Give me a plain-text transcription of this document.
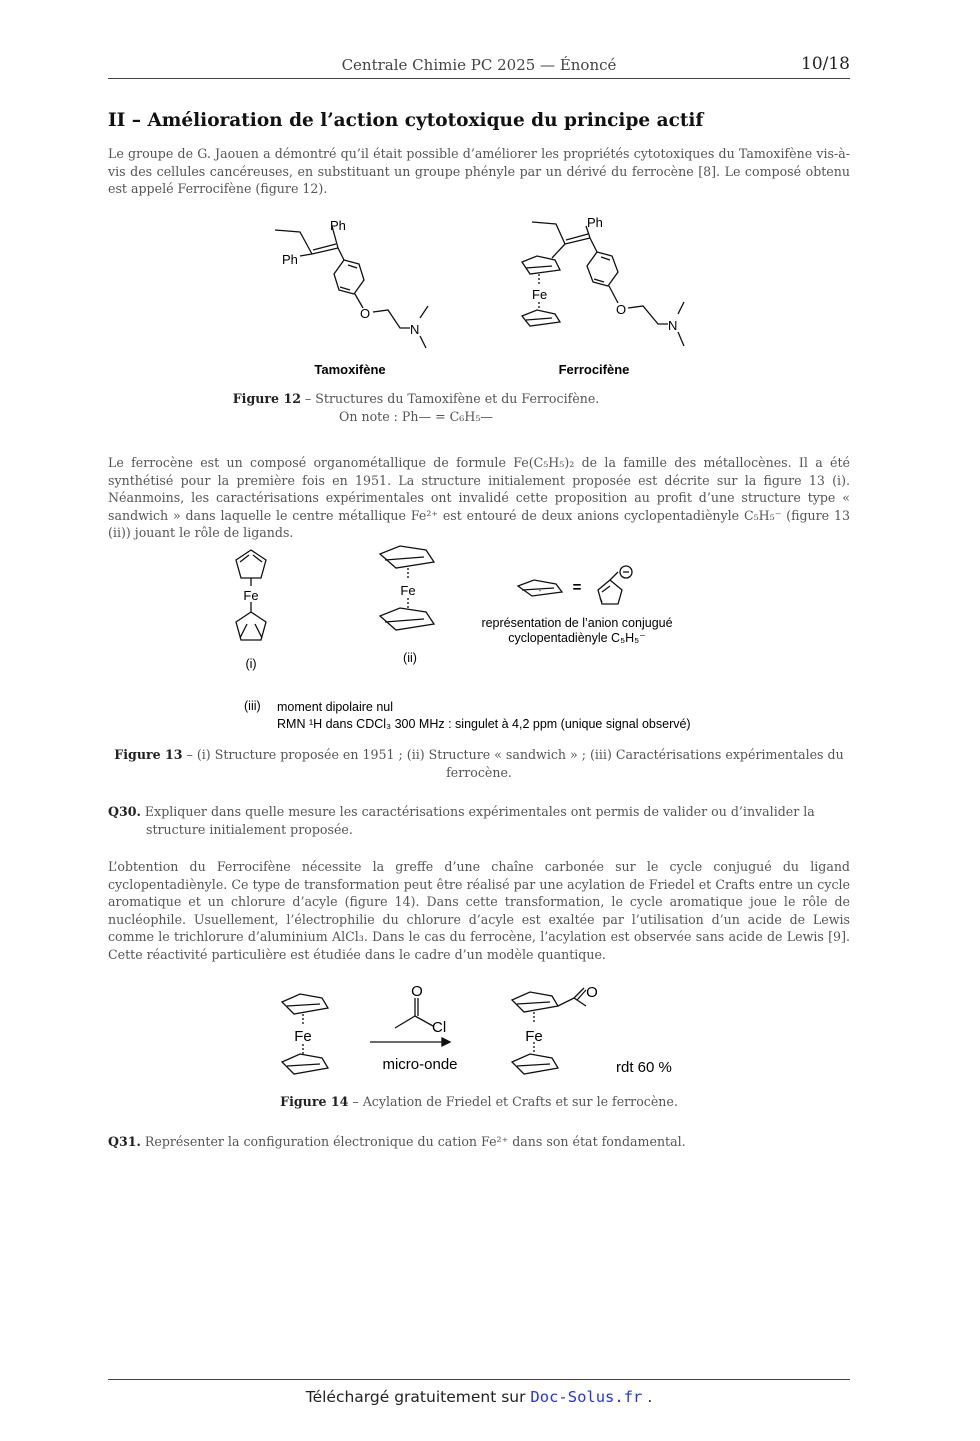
Centrale Chimie PC 2025 — Énoncé	10/18
II – Amélioration de l’action cytotoxique du principe actif

Le groupe de G. Jaouen a démontré qu’il était possible d’améliorer les propriétés cytotoxiques du Tamoxifène vis-à-vis des cellules cancéreuses, en substituant un groupe phényle par un dérivé du ferrocène [8]. Le composé obtenu est appelé Ferrocifène (figure 12).

Ph
Ph
O
N
Ph
Fe
O
N
Tamoxifène	Ferrocifène
Figure 12 – Structures du Tamoxifène et du Ferrocifène.
On note : Ph— = C₆H₅—

Le ferrocène est un composé organométallique de formule Fe(C₅H₅)₂ de la famille des métallocènes. Il a été synthétisé pour la première fois en 1951. La structure initialement proposée est décrite sur la figure 13 (i). Néanmoins, les caractérisations expérimentales ont invalidé cette proposition au profit d’une structure type « sandwich » dans laquelle le centre métallique Fe²⁺ est entouré de deux anions cyclopentadiènyle C₅H₅⁻ (figure 13 (ii)) jouant le rôle de ligands.

-
Fe	Fe	=
représentation de l’anion conjugué
cyclopentadiènyle C₅H₅⁻
(i)	(ii)
(iii) moment dipolaire nul
RMN ¹H dans CDCl₃ 300 MHz : singulet à 4,2 ppm (unique signal observé)
Figure 13 – (i) Structure proposée en 1951 ; (ii) Structure « sandwich » ; (iii) Caractérisations expérimentales du
ferrocène.
Q30. Expliquer dans quelle mesure les caractérisations expérimentales ont permis de valider ou d’invalider la structure initialement proposée.

L’obtention du Ferrocifène nécessite la greffe d’une chaîne carbonée sur le cycle conjugué du ligand cyclopentadiènyle. Ce type de transformation peut être réalisé par une acylation de Friedel et Crafts entre un cycle aromatique et un chlorure d’acyle (figure 14). Dans cette transformation, le cycle aromatique joue le rôle de nucléophile. Usuellement, l’électrophilie du chlorure d’acyle est exaltée par l’utilisation d’un acide de Lewis comme le trichlorure d’aluminium AlCl₃. Dans le cas du ferrocène, l’acylation est observée sans acide de Lewis [9]. Cette réactivité particulière est étudiée dans le cadre d’un modèle quantique.

Fe
O
Cl
micro-onde
Fe
O
rdt 60 %
Figure 14 – Acylation de Friedel et Crafts et sur le ferrocène.
Q31. Représenter la configuration électronique du cation Fe²⁺ dans son état fondamental.
Téléchargé gratuitement sur Doc-Solus.fr .
